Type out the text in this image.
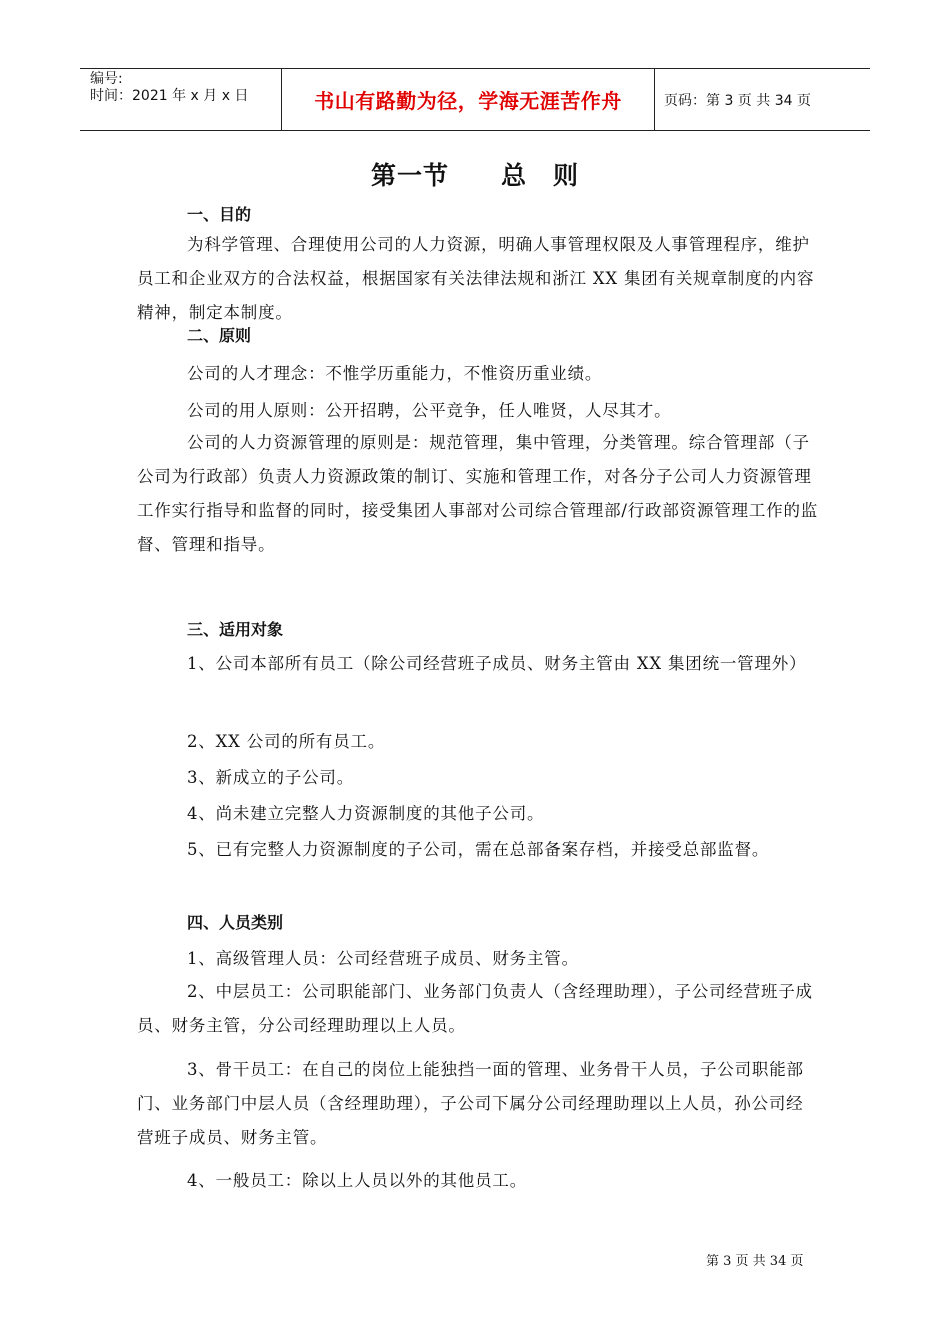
编号:
时间：2021 年 x 月 x 日	书山有路勤为径，学海无涯苦作舟	页码：第 3 页 共 34 页
第一节 总　则
一、目的
为科学管理、合理使用公司的人力资源，明确人事管理权限及人事管理程序，维护员工和企业双方的合法权益，根据国家有关法律法规和浙江 XX 集团有关规章制度的内容精神，制定本制度。
二、原则
公司的人才理念：不惟学历重能力，不惟资历重业绩。
公司的用人原则：公开招聘，公平竞争，任人唯贤，人尽其才。
公司的人力资源管理的原则是：规范管理，集中管理，分类管理。综合管理部（子公司为行政部）负责人力资源政策的制订、实施和管理工作，对各分子公司人力资源管理工作实行指导和监督的同时，接受集团人事部对公司综合管理部/行政部资源管理工作的监督、管理和指导。
三、适用对象
1、公司本部所有员工（除公司经营班子成员、财务主管由 XX 集团统一管理外）
2、XX 公司的所有员工。
3、新成立的子公司。
4、尚未建立完整人力资源制度的其他子公司。
5、已有完整人力资源制度的子公司，需在总部备案存档，并接受总部监督。
四、人员类别
1、高级管理人员：公司经营班子成员、财务主管。
2、中层员工：公司职能部门、业务部门负责人（含经理助理），子公司经营班子成员、财务主管，分公司经理助理以上人员。
3、骨干员工：在自己的岗位上能独挡一面的管理、业务骨干人员，子公司职能部门、业务部门中层人员（含经理助理），子公司下属分公司经理助理以上人员，孙公司经营班子成员、财务主管。
4、一般员工：除以上人员以外的其他员工。
第 3 页 共 34 页
